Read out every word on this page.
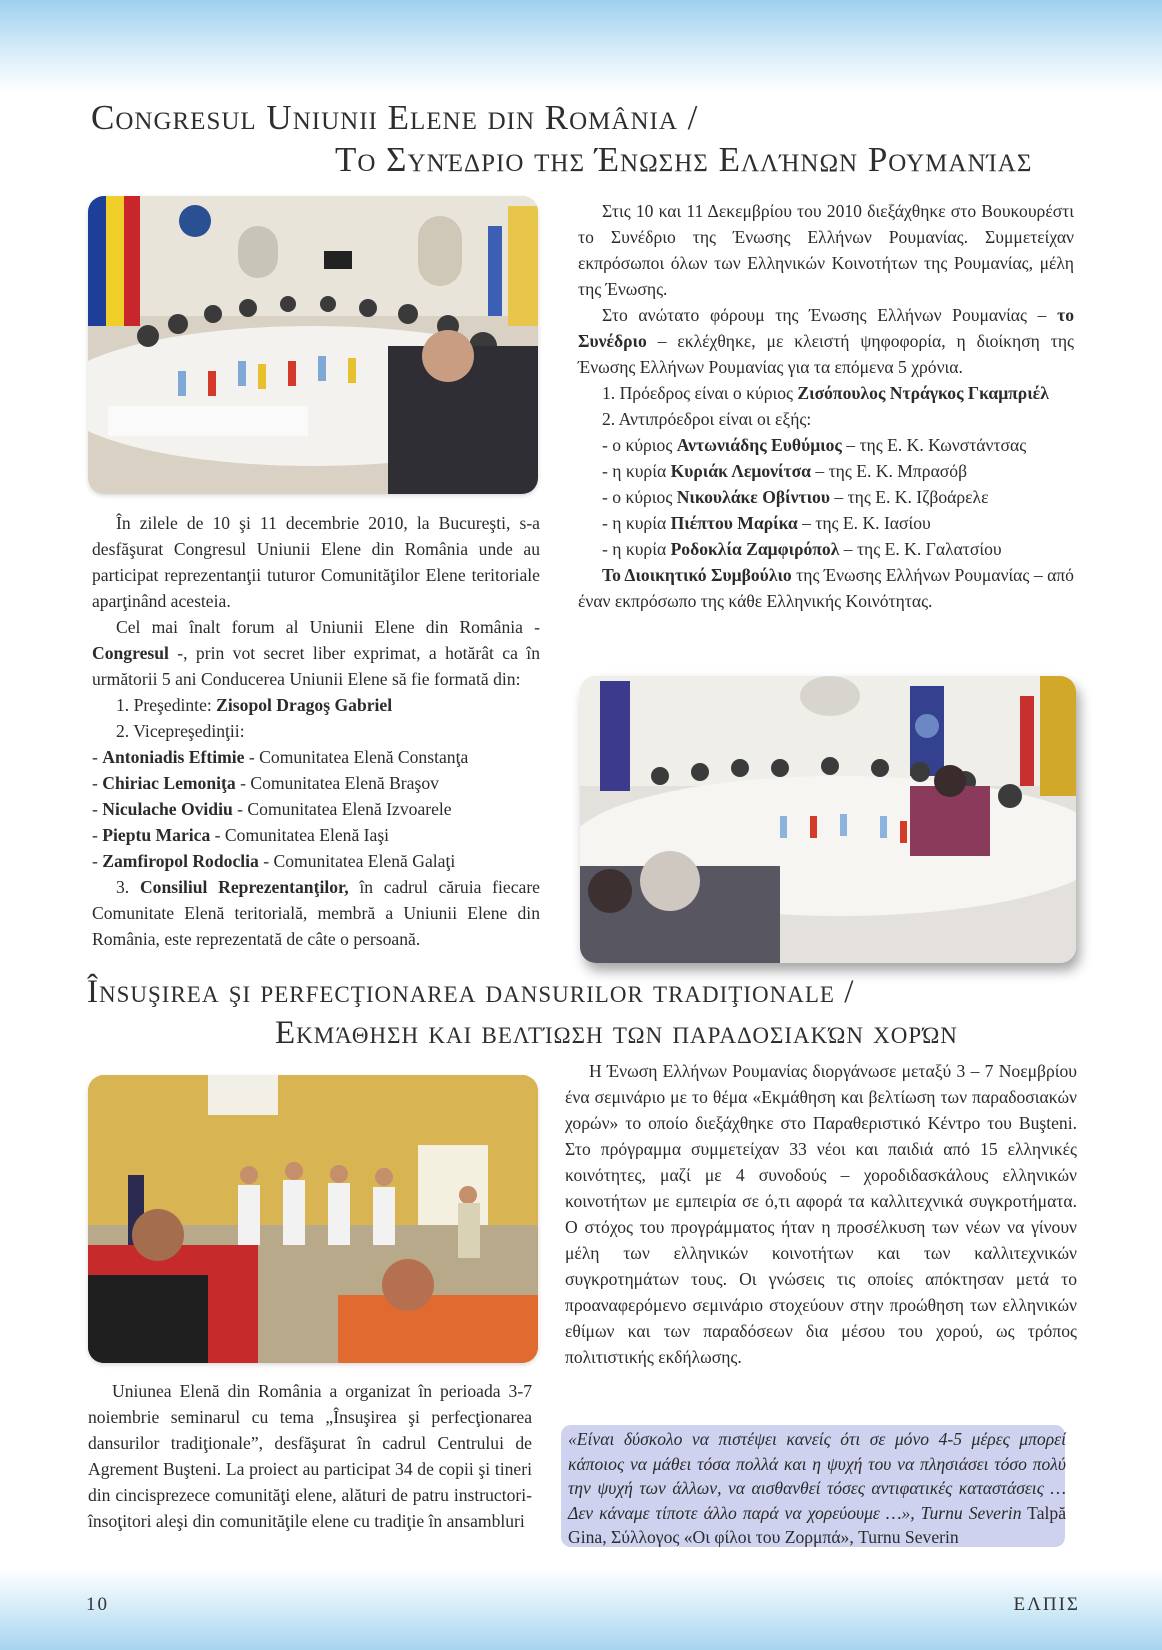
Congresul Uniunii Elene din România /
Το Συνέδριο της Ένωσης Ελλήνων Ρουμανίας

În zilele de 10 şi 11 decembrie 2010, la Bucureşti, s-a desfăşurat Congresul Uniunii Elene din România unde au participat reprezentanţii tuturor Comunităţilor Elene teritoriale aparţinând acesteia.

Cel mai înalt forum al Uniunii Elene din România - Congresul -, prin vot secret liber exprimat, a hotărât ca în următorii 5 ani Conducerea Uniunii Elene să fie formată din:

1. Preşedinte: Zisopol Dragoş Gabriel

2. Vicepreşedinţii:

- Antoniadis Eftimie - Comunitatea Elenă Constanţa

- Chiriac Lemoniţa - Comunitatea Elenă Braşov

- Niculache Ovidiu - Comunitatea Elenă Izvoarele

- Pieptu Marica - Comunitatea Elenă Iaşi

- Zamfiropol Rodoclia - Comunitatea Elenă Galaţi

3. Consiliul Reprezentanţilor, în cadrul căruia fiecare Comunitate Elenă teritorială, membră a Uniunii Elene din România, este reprezentată de câte o persoană.

Στις 10 και 11 Δεκεμβρίου του 2010 διεξάχθηκε στο Βουκουρέστι το Συνέδριο της Ένωσης Ελλήνων Ρουμανίας. Συμμετείχαν εκπρόσωποι όλων των Ελληνικών Κοινοτήτων της Ρουμανίας, μέλη της Ένωσης.

Στο ανώτατο φόρουμ της Ένωσης Ελλήνων Ρουμανίας – το Συνέδριο – εκλέχθηκε, με κλειστή ψηφοφορία, η διοίκηση της Ένωσης Ελλήνων Ρουμανίας για τα επόμενα 5 χρόνια.

1. Πρόεδρος είναι ο κύριος Ζισόπουλος Ντράγκος Γκαμπριέλ

2. Αντιπρόεδροι είναι οι εξής:

- ο κύριος Αντωνιάδης Ευθύμιος – της Ε. Κ. Κωνστάντσας

- η κυρία Κυριάκ Λεμονίτσα – της Ε. Κ. Μπρασόβ

- ο κύριος Νικουλάκε Οβίντιου – της Ε. Κ. Ιζβοάρελε

- η κυρία Πιέπτου Μαρίκα – της Ε. Κ. Ιασίου

- η κυρία Ροδοκλία Ζαμφιρόπολ – της Ε. Κ. Γαλατσίου

Το Διοικητικό Συμβούλιο της Ένωσης Ελλήνων Ρουμανίας – από έναν εκπρόσωπο της κάθε Ελληνικής Κοινότητας.

Însuşirea şi perfecţionarea dansurilor tradiţionale /
Εκμάθηση και βελτίωση των παραδοσιακών χορών

Uniunea Elenă din România a organizat în perioada 3-7 noiembrie seminarul cu tema „Însuşirea şi perfecţionarea dansurilor tradiţionale”, desfăşurat în cadrul Centrului de Agrement Buşteni. La proiect au participat 34 de copii şi tineri din cincisprezece comunităţi elene, alături de patru instructori-însoţitori aleşi din comunităţile elene cu tradiţie în ansambluri

Η Ένωση Ελλήνων Ρουμανίας διοργάνωσε μεταξύ 3 – 7 Νοεμβρίου ένα σεμινάριο με το θέμα «Εκμάθηση και βελτίωση των παραδοσιακών χορών» το οποίο διεξάχθηκε στο Παραθεριστικό Κέντρο του Buşteni. Στο πρόγραμμα συμμετείχαν 33 νέοι και παιδιά από 15 ελληνικές κοινότητες, μαζί με 4 συνοδούς – χοροδιδασκάλους ελληνικών κοινοτήτων με εμπειρία σε ό,τι αφορά τα καλλιτεχνικά συγκροτήματα. Ο στόχος του προγράμματος ήταν η προσέλκυση των νέων να γίνουν μέλη των ελληνικών κοινοτήτων και των καλλιτεχνικών συγκροτημάτων τους. Οι γνώσεις τις οποίες απόκτησαν μετά το προαναφερόμενο σεμινάριο στοχεύουν στην προώθηση των ελληνικών εθίμων και των παραδόσεων δια μέσου του χορού, ως τρόπος πολιτιστικής εκδήλωσης.

«Είναι δύσκολο να πιστέψει κανείς ότι σε μόνο 4-5 μέρες μπορεί κάποιος να μάθει τόσα πολλά και η ψυχή του να πλησιάσει τόσο πολύ την ψυχή των άλλων, να αισθανθεί τόσες αντιφατικές καταστάσεις … Δεν κάναμε τίποτε άλλο παρά να χορεύουμε …», Turnu Severin Talpă Gina, Σύλλογος «Οι φίλοι του Ζορμπά», Turnu Severin

10	ΕΛΠΙΣ
